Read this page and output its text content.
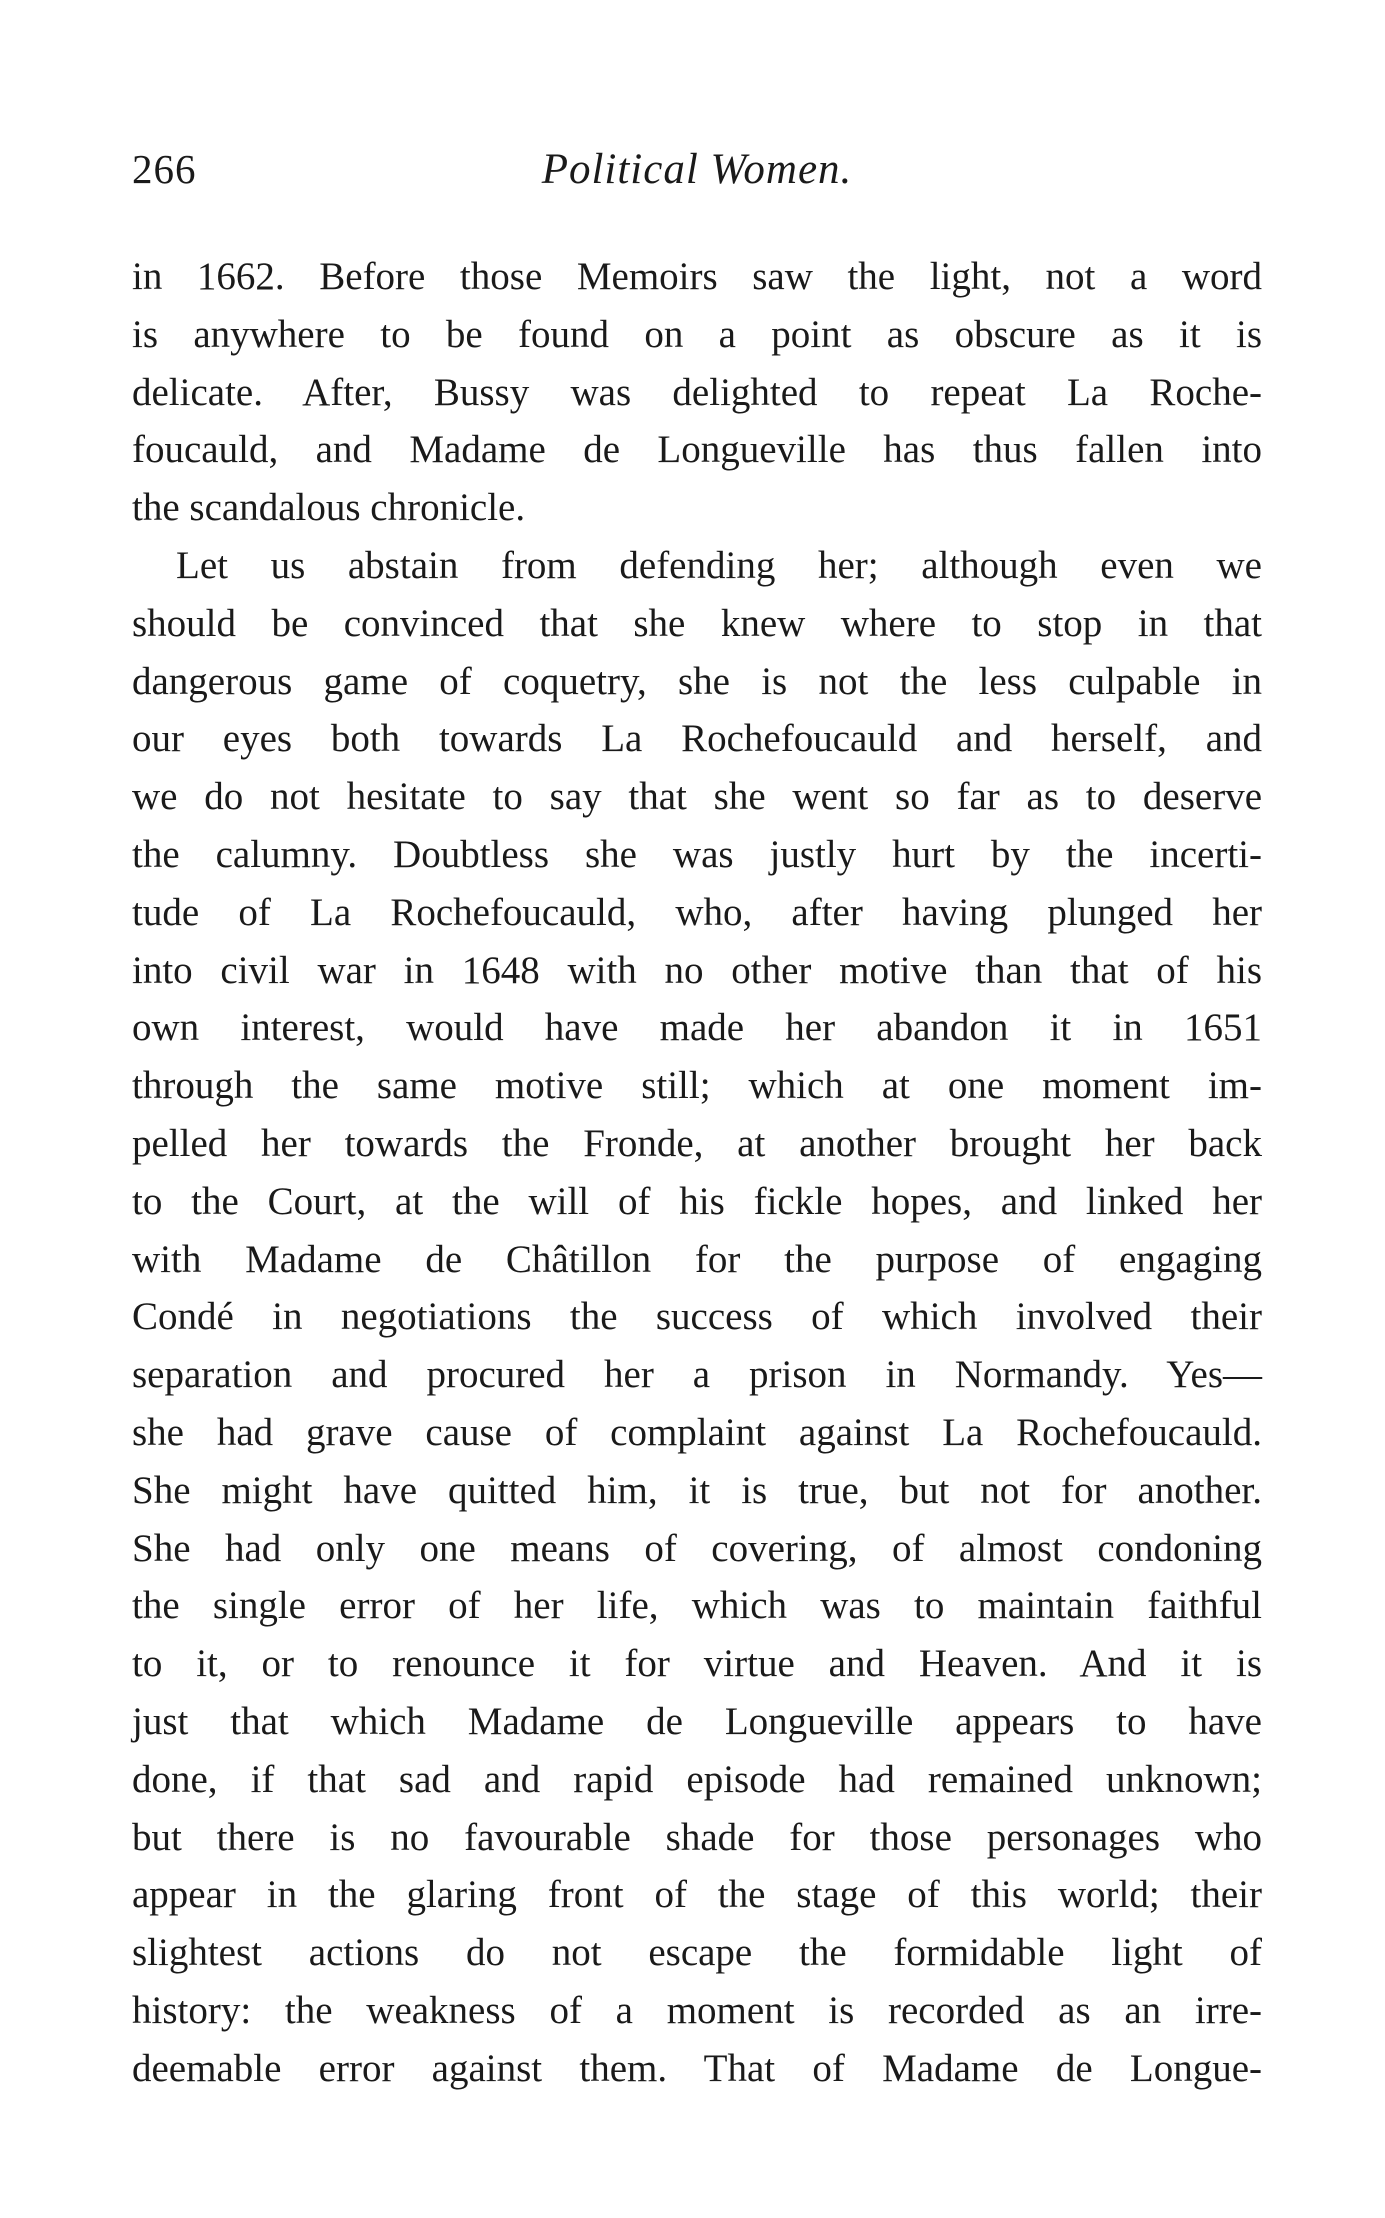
266	Political Women.
in 1662. Before those Memoirs saw the light, not a word
is anywhere to be found on a point as obscure as it is
delicate. After, Bussy was delighted to repeat La Roche-
foucauld, and Madame de Longueville has thus fallen into
the scandalous chronicle.
Let us abstain from defending her; although even we
should be convinced that she knew where to stop in that
dangerous game of coquetry, she is not the less culpable in
our eyes both towards La Rochefoucauld and herself, and
we do not hesitate to say that she went so far as to deserve
the calumny. Doubtless she was justly hurt by the incerti-
tude of La Rochefoucauld, who, after having plunged her
into civil war in 1648 with no other motive than that of his
own interest, would have made her abandon it in 1651
through the same motive still; which at one moment im-
pelled her towards the Fronde, at another brought her back
to the Court, at the will of his fickle hopes, and linked her
with Madame de Châtillon for the purpose of engaging
Condé in negotiations the success of which involved their
separation and procured her a prison in Normandy. Yes—
she had grave cause of complaint against La Rochefoucauld.
She might have quitted him, it is true, but not for another.
She had only one means of covering, of almost condoning
the single error of her life, which was to maintain faithful
to it, or to renounce it for virtue and Heaven. And it is
just that which Madame de Longueville appears to have
done, if that sad and rapid episode had remained unknown;
but there is no favourable shade for those personages who
appear in the glaring front of the stage of this world; their
slightest actions do not escape the formidable light of
history: the weakness of a moment is recorded as an irre-
deemable error against them. That of Madame de Longue-
